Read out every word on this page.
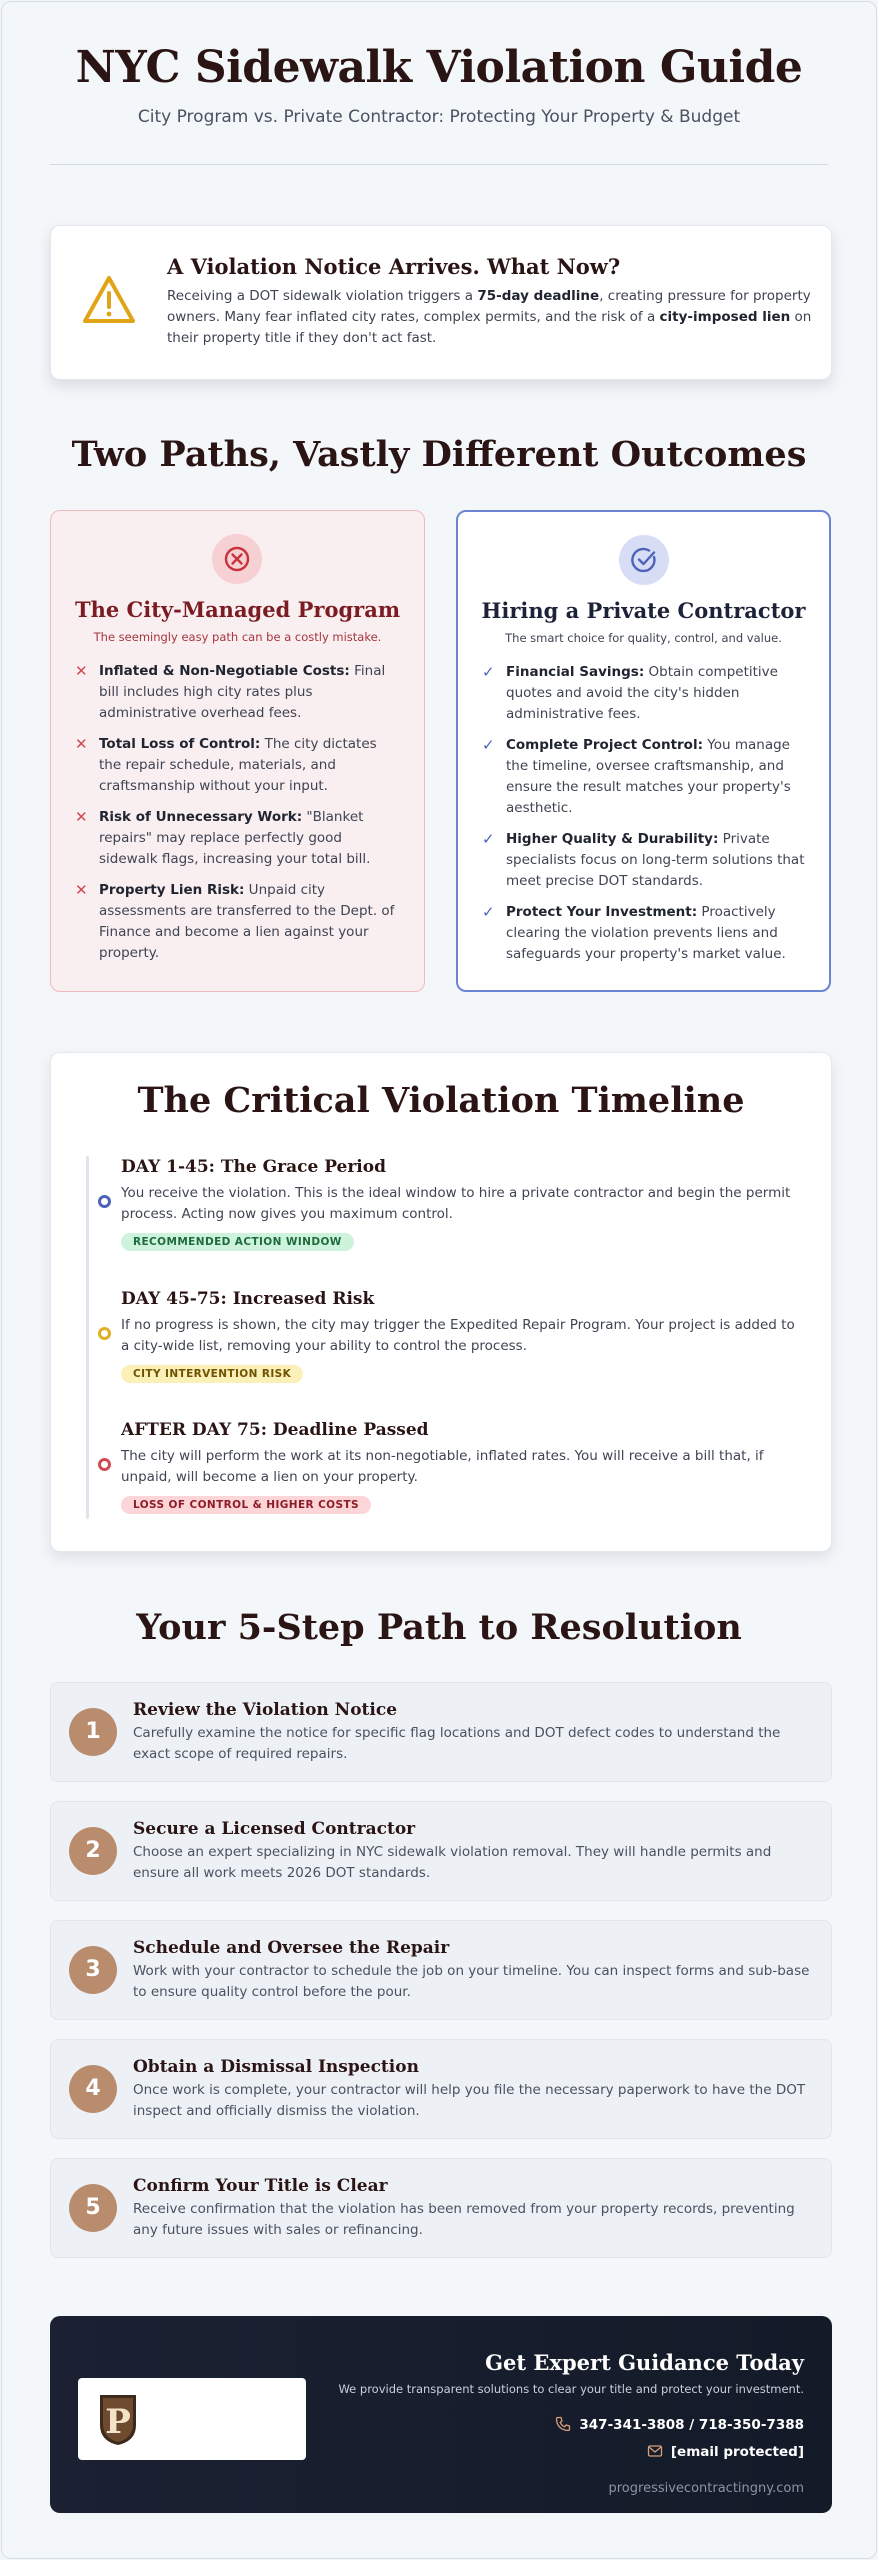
NYC Sidewalk Violation Guide

City Program vs. Private Contractor: Protecting Your Property & Budget

A Violation Notice Arrives. What Now?

Receiving a DOT sidewalk violation triggers a 75-day deadline, creating pressure for property owners. Many fear inflated city rates, complex permits, and the risk of a city-imposed lien on their property title if they don't act fast.

Two Paths, Vastly Different Outcomes
The City-Managed Program
The seemingly easy path can be a costly mistake.
✕ Inflated & Non-Negotiable Costs: Final bill includes high city rates plus administrative overhead fees.
✕ Total Loss of Control: The city dictates the repair schedule, materials, and craftsmanship without your input.
✕ Risk of Unnecessary Work: "Blanket repairs" may replace perfectly good sidewalk flags, increasing your total bill.
✕ Property Lien Risk: Unpaid city assessments are transferred to the Dept. of Finance and become a lien against your property.
Hiring a Private Contractor
The smart choice for quality, control, and value.
✓ Financial Savings: Obtain competitive quotes and avoid the city's hidden administrative fees.
✓ Complete Project Control: You manage the timeline, oversee craftsmanship, and ensure the result matches your property's aesthetic.
✓ Higher Quality & Durability: Private specialists focus on long-term solutions that meet precise DOT standards.
✓ Protect Your Investment: Proactively clearing the violation prevents liens and safeguards your property's market value.
The Critical Violation Timeline
DAY 1-45: The Grace Period

You receive the violation. This is the ideal window to hire a private contractor and begin the permit process. Acting now gives you maximum control.

RECOMMENDED ACTION WINDOW
DAY 45-75: Increased Risk

If no progress is shown, the city may trigger the Expedited Repair Program. Your project is added to a city-wide list, removing your ability to control the process.

CITY INTERVENTION RISK
AFTER DAY 75: Deadline Passed

The city will perform the work at its non-negotiable, inflated rates. You will receive a bill that, if unpaid, will become a lien on your property.

LOSS OF CONTROL & HIGHER COSTS
Your 5-Step Path to Resolution
1
Review the Violation Notice

Carefully examine the notice for specific flag locations and DOT defect codes to understand the exact scope of required repairs.

2
Secure a Licensed Contractor

Choose an expert specializing in NYC sidewalk violation removal. They will handle permits and ensure all work meets 2026 DOT standards.

3
Schedule and Oversee the Repair

Work with your contractor to schedule the job on your timeline. You can inspect forms and sub-base to ensure quality control before the pour.

4
Obtain a Dismissal Inspection

Once work is complete, your contractor will help you file the necessary paperwork to have the DOT inspect and officially dismiss the violation.

5
Confirm Your Title is Clear

Receive confirmation that the violation has been removed from your property records, preventing any future issues with sales or refinancing.

P
Get Expert Guidance Today
We provide transparent solutions to clear your title and protect your investment.
347-341-3808 / 718-350-7388
[email protected]
progressivecontractingny.com
